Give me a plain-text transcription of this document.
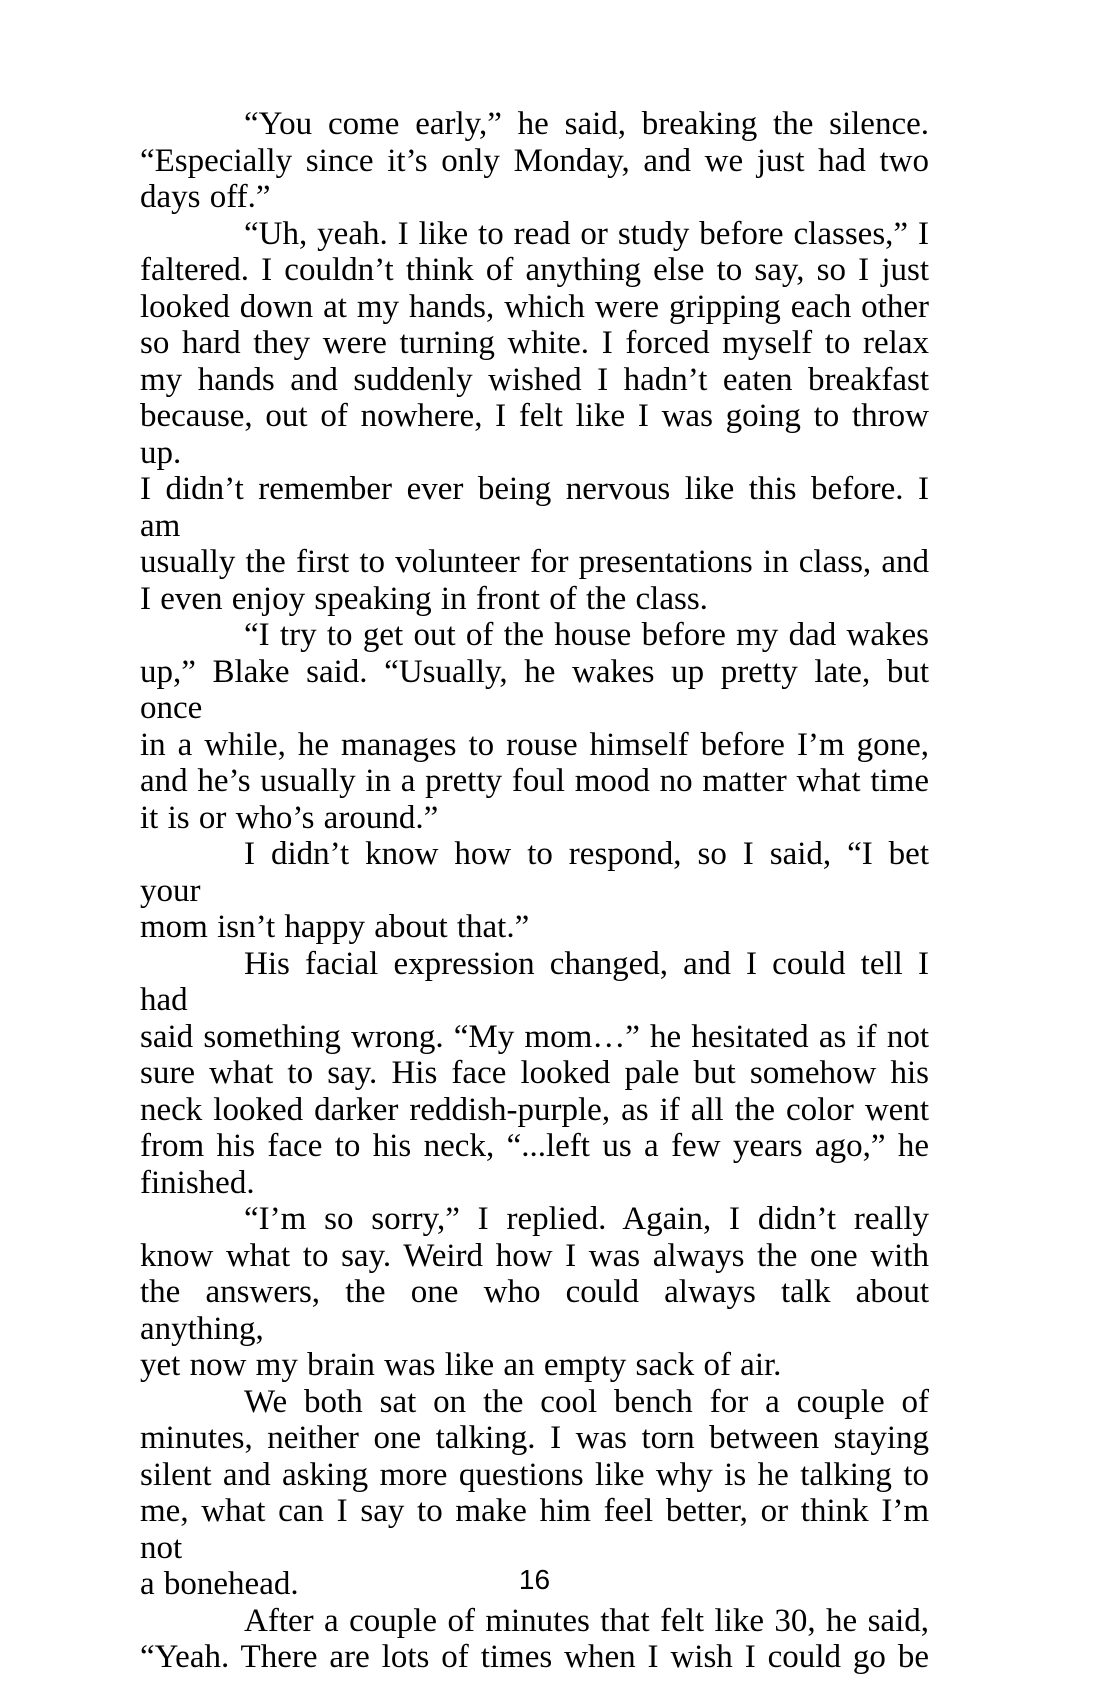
“You come early,” he said, breaking the silence.
“Especially since it’s only Monday, and we just had two
days off.”
“Uh, yeah. I like to read or study before classes,” I
faltered. I couldn’t think of anything else to say, so I just
looked down at my hands, which were gripping each other
so hard they were turning white. I forced myself to relax
my hands and suddenly wished I hadn’t eaten breakfast
because, out of nowhere, I felt like I was going to throw up.
I didn’t remember ever being nervous like this before. I am
usually the first to volunteer for presentations in class, and
I even enjoy speaking in front of the class.
“I try to get out of the house before my dad wakes
up,” Blake said. “Usually, he wakes up pretty late, but once
in a while, he manages to rouse himself before I’m gone,
and he’s usually in a pretty foul mood no matter what time
it is or who’s around.”
I didn’t know how to respond, so I said, “I bet your
mom isn’t happy about that.”
His facial expression changed, and I could tell I had
said something wrong. “My mom…” he hesitated as if not
sure what to say. His face looked pale but somehow his
neck looked darker reddish-purple, as if all the color went
from his face to his neck, “...left us a few years ago,” he
finished.
“I’m so sorry,” I replied. Again, I didn’t really
know what to say. Weird how I was always the one with
the answers, the one who could always talk about anything,
yet now my brain was like an empty sack of air.
We both sat on the cool bench for a couple of
minutes, neither one talking. I was torn between staying
silent and asking more questions like why is he talking to
me, what can I say to make him feel better, or think I’m not
a bonehead.
After a couple of minutes that felt like 30, he said,
“Yeah. There are lots of times when I wish I could go be
16
